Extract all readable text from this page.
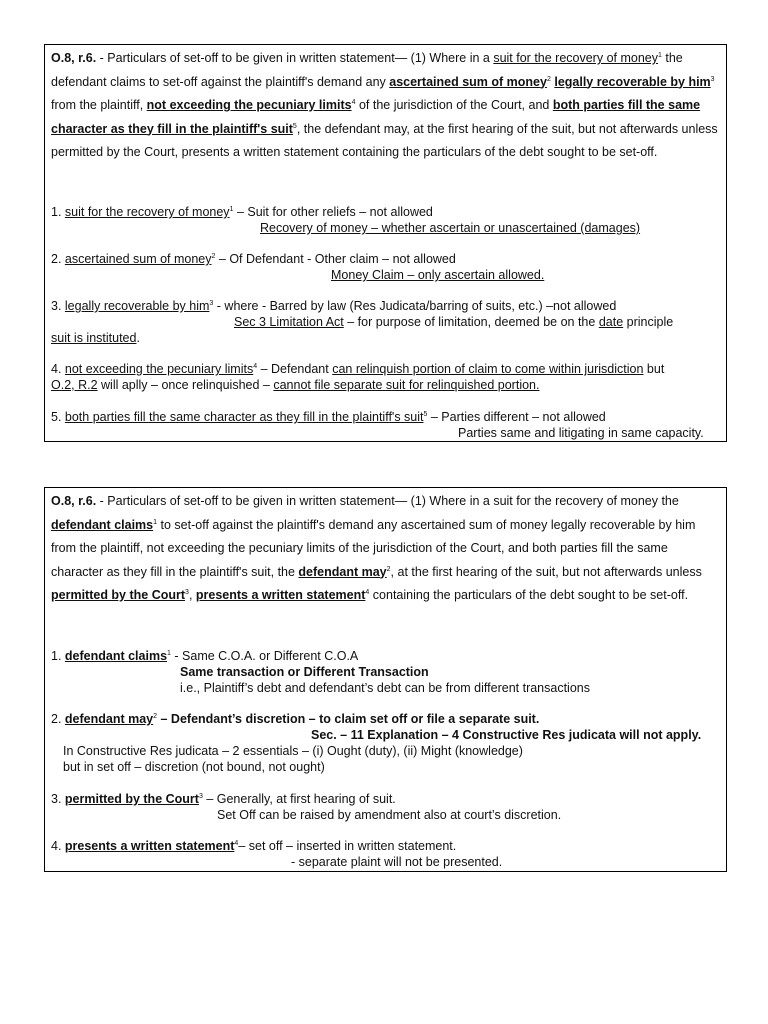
O.8, r.6. - Particulars of set-off to be given in written statement— (1) Where in a suit for the recovery of money$^1$ the defendant claims to set-off against the plaintiff's demand any ascertained sum of money$^2$ legally recoverable by him$^3$ from the plaintiff, not exceeding the pecuniary limits$^4$ of the jurisdiction of the Court, and both parties fill the same character as they fill in the plaintiff's suit$^5$, the defendant may, at the first hearing of the suit, but not afterwards unless permitted by the Court, presents a written statement containing the particulars of the debt sought to be set-off.

1. suit for the recovery of money$^1$ – Suit for other reliefs – not allowed

Recovery of money – whether ascertain or unascertained (damages)

2. ascertained sum of money$^2$ – Of Defendant - Other claim – not allowed

Money Claim – only ascertain allowed.

3. legally recoverable by him$^3$ - where - Barred by law (Res Judicata/barring of suits, etc.) –not allowed

Sec 3 Limitation Act – for purpose of limitation, deemed be on the date principle

suit is instituted.

4. not exceeding the pecuniary limits$^4$ – Defendant can relinquish portion of claim to come within jurisdiction but

O.2, R.2 will aplly – once relinquished – cannot file separate suit for relinquished portion.

5. both parties fill the same character as they fill in the plaintiff's suit$^5$ – Parties different – not allowed

Parties same and litigating in same capacity.

O.8, r.6. - Particulars of set-off to be given in written statement— (1) Where in a suit for the recovery of money the defendant claims$^1$ to set-off against the plaintiff's demand any ascertained sum of money legally recoverable by him from the plaintiff, not exceeding the pecuniary limits of the jurisdiction of the Court, and both parties fill the same character as they fill in the plaintiff's suit, the defendant may$^2$, at the first hearing of the suit, but not afterwards unless permitted by the Court$^3$, presents a written statement$^4$ containing the particulars of the debt sought to be set-off.

1. defendant claims$^1$ - Same C.O.A. or Different C.O.A

Same transaction or Different Transaction

i.e., Plaintiff’s debt and defendant’s debt can be from different transactions

2. defendant may$^2$ – Defendant’s discretion – to claim set off or file a separate suit.

Sec. – 11 Explanation – 4 Constructive Res judicata will not apply.

In Constructive Res judicata – 2 essentials – (i) Ought (duty), (ii) Might (knowledge)

but in set off – discretion (not bound, not ought)

3. permitted by the Court$^3$ – Generally, at first hearing of suit.

Set Off can be raised by amendment also at court’s discretion.

4. presents a written statement$^4$– set off – inserted in written statement.

- separate plaint will not be presented.
